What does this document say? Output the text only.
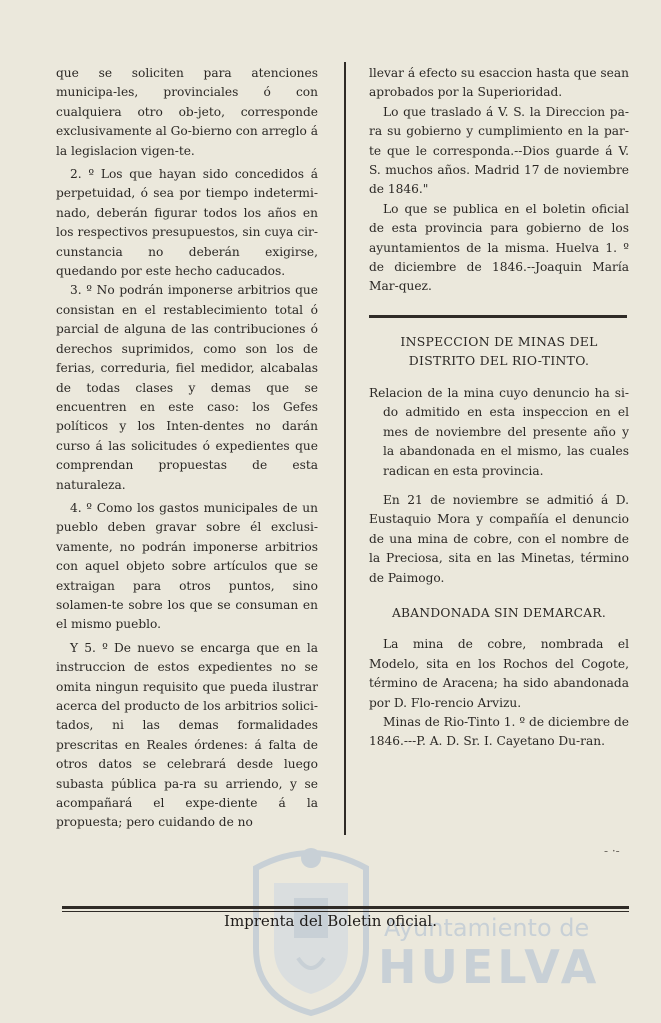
que se soliciten para atenciones municipa-les, provinciales ó con cualquiera otro ob-jeto, corresponde exclusivamente al Go-bierno con arreglo á la legislacion vigen-te.

2. º Los que hayan sido concedidos á perpetuidad, ó sea por tiempo indetermi-nado, deberán figurar todos los años en los respectivos presupuestos, sin cuya cir-cunstancia no deberán exigirse, quedando por este hecho caducados.

3. º No podrán imponerse arbitrios que consistan en el restablecimiento total ó parcial de alguna de las contribuciones ó derechos suprimidos, como son los de ferias, correduria, fiel medidor, alcabalas de todas clases y demas que se encuentren en este caso: los Gefes políticos y los Inten-dentes no darán curso á las solicitudes ó expedientes que comprendan propuestas de esta naturaleza.

4. º Como los gastos municipales de un pueblo deben gravar sobre él exclusi-vamente, no podrán imponerse arbitrios con aquel objeto sobre artículos que se extraigan para otros puntos, sino solamen-te sobre los que se consuman en el mismo pueblo.

Y 5. º De nuevo se encarga que en la instruccion de estos expedientes no se omita ningun requisito que pueda ilustrar acerca del producto de los arbitrios solici-tados, ni las demas formalidades prescritas en Reales órdenes: á falta de otros datos se celebrará desde luego subasta pública pa-ra su arriendo, y se acompañará el expe-diente á la propuesta; pero cuidando de no

llevar á efecto su esaccion hasta que sean aprobados por la Superioridad.

Lo que traslado á V. S. la Direccion pa-ra su gobierno y cumplimiento en la par-te que le corresponda.--Dios guarde á V. S. muchos años. Madrid 17 de noviembre de 1846."

Lo que se publica en el boletin oficial de esta provincia para gobierno de los ayuntamientos de la misma. Huelva 1. º de diciembre de 1846.--Joaquin María Mar-quez.

INSPECCION DE MINAS DEL DISTRITO DEL RIO-TINTO.

Relacion de la mina cuyo denuncio ha si-do admitido en esta inspeccion en el mes de noviembre del presente año y la abandonada en el mismo, las cuales radican en esta provincia.

En 21 de noviembre se admitió á D. Eustaquio Mora y compañía el denuncio de una mina de cobre, con el nombre de la Preciosa, sita en las Minetas, término de Paimogo.

ABANDONADA SIN DEMARCAR.

La mina de cobre, nombrada el Modelo, sita en los Rochos del Cogote, término de Aracena; ha sido abandonada por D. Flo-rencio Arvizu.

Minas de Rio-Tinto 1. º de diciembre de 1846.---P. A. D. Sr. I. Cayetano Du-ran.

- ·-
Ayuntamiento de
HUELVA
Imprenta del Boletin oficial.
